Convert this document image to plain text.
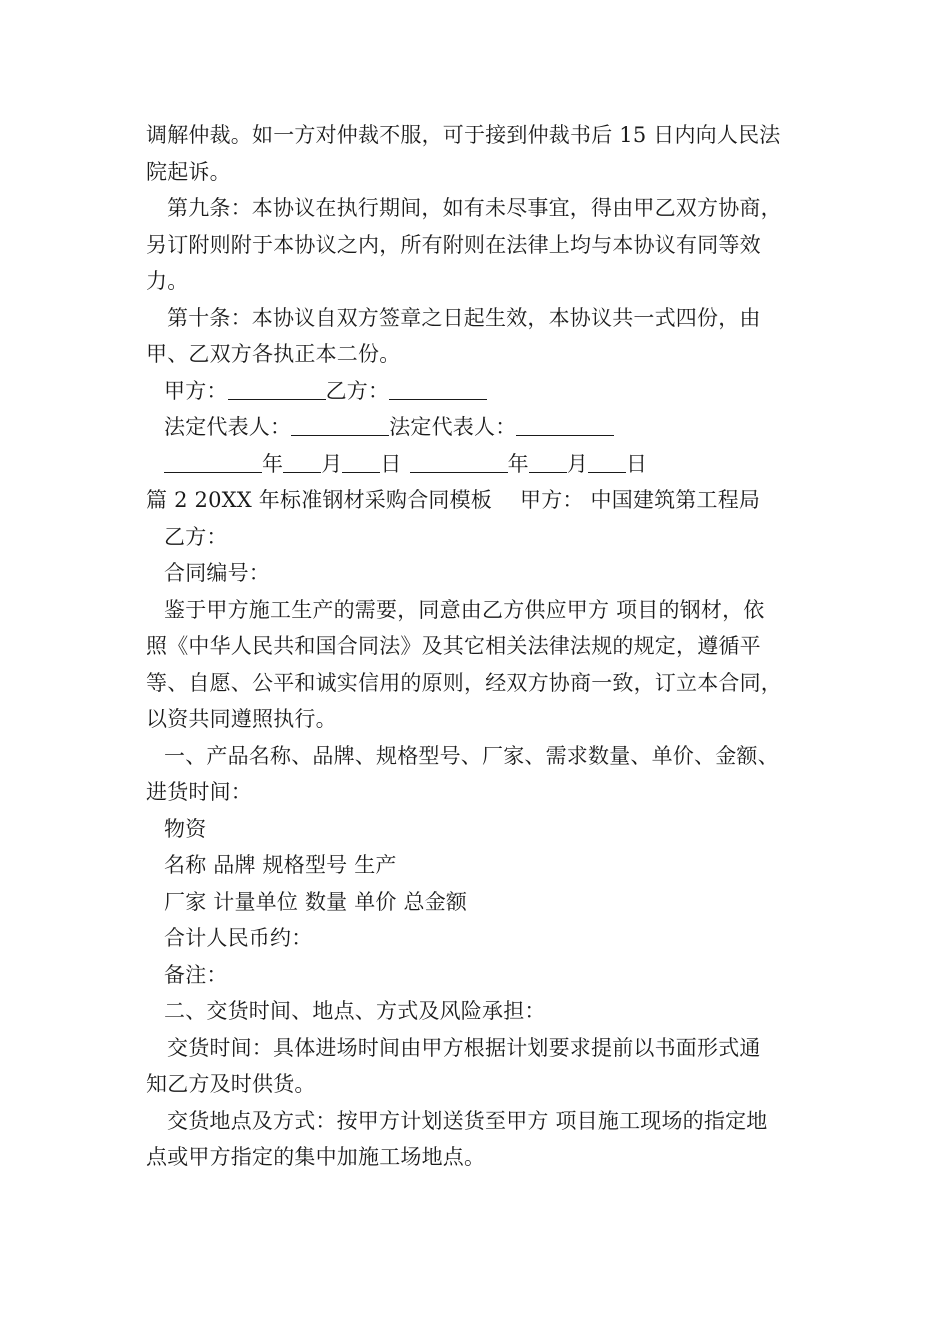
调解仲裁。如一方对仲裁不服，可于接到仲裁书后 15 日内向人民法
院起诉。
第九条：本协议在执行期间，如有未尽事宜，得由甲乙双方协商，
另订附则附于本协议之内，所有附则在法律上均与本协议有同等效
力。
第十条：本协议自双方签章之日起生效，本协议共一式四份，由
甲、乙双方各执正本二份。
甲方：	乙方：
法定代表人：	法定代表人：
年 月 日	年 月 日
篇 2 20XX 年标准钢材采购合同模板 甲方： 中国建筑第工程局
乙方：
合同编号：
鉴于甲方施工生产的需要，同意由乙方供应甲方 项目的钢材，依
照《中华人民共和国合同法》及其它相关法律法规的规定，遵循平
等、自愿、公平和诚实信用的原则，经双方协商一致，订立本合同，
以资共同遵照执行。
一、产品名称、品牌、规格型号、厂家、需求数量、单价、金额、
进货时间：
物资
名称 品牌 规格型号 生产
厂家 计量单位 数量 单价 总金额
合计人民币约：
备注：
二、交货时间、地点、方式及风险承担：
交货时间：具体进场时间由甲方根据计划要求提前以书面形式通
知乙方及时供货。
交货地点及方式：按甲方计划送货至甲方 项目施工现场的指定地
点或甲方指定的集中加施工场地点。
